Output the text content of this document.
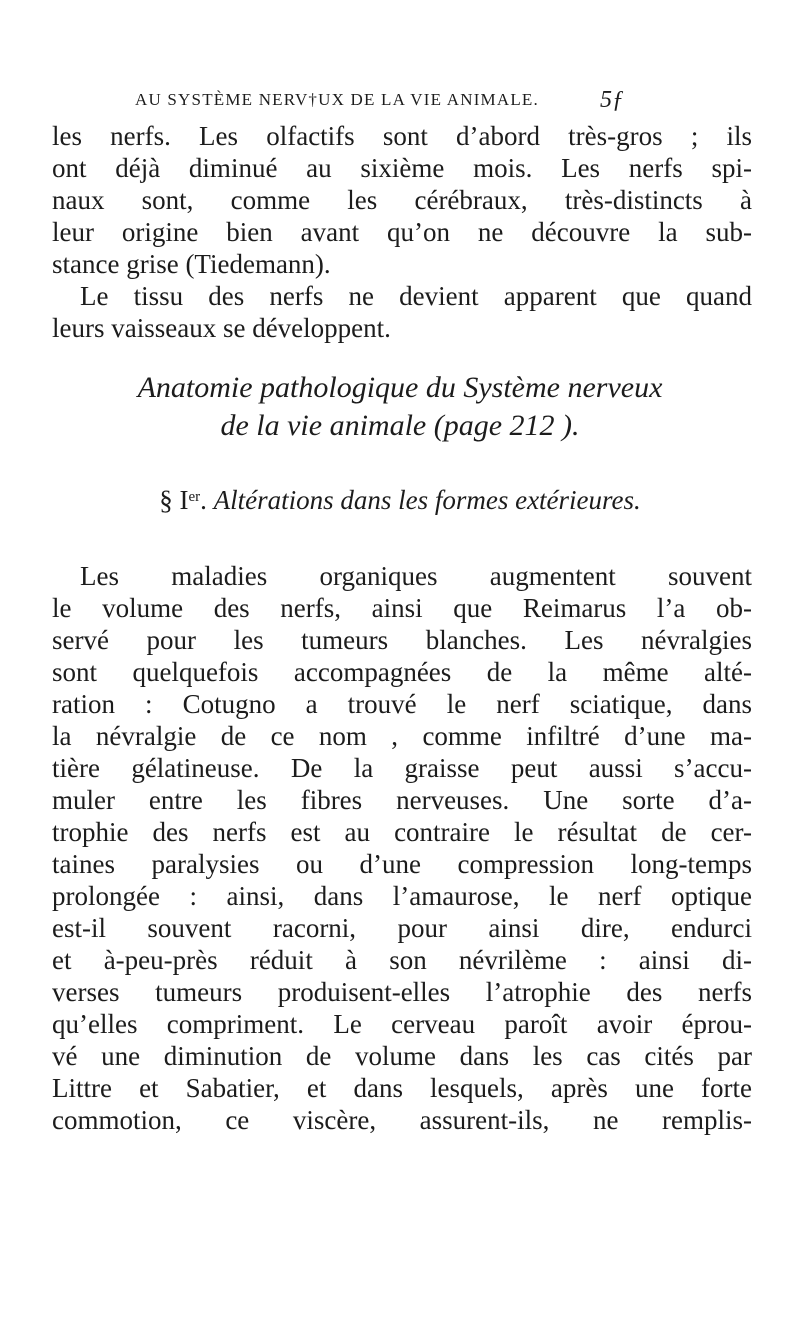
AU SYSTÈME NERV†UX DE LA VIE ANIMALE.	5ƒ
les nerfs. Les olfactifs sont d’abord très-gros ; ils
ont déjà diminué au sixième mois. Les nerfs spi-
naux sont, comme les cérébraux, très-distincts à
leur origine bien avant qu’on ne découvre la sub-
stance grise (Tiedemann).
Le tissu des nerfs ne devient apparent que quand
leurs vaisseaux se développent.
Anatomie pathologique du Système nerveux
de la vie animale (page 212 ).
§ Ier. Altérations dans les formes extérieures.
Les maladies organiques augmentent souvent
le volume des nerfs, ainsi que Reimarus l’a ob-
servé pour les tumeurs blanches. Les névralgies
sont quelquefois accompagnées de la même alté-
ration : Cotugno a trouvé le nerf sciatique, dans
la névralgie de ce nom , comme infiltré d’une ma-
tière gélatineuse. De la graisse peut aussi s’accu-
muler entre les fibres nerveuses. Une sorte d’a-
trophie des nerfs est au contraire le résultat de cer-
taines paralysies ou d’une compression long-temps
prolongée : ainsi, dans l’amaurose, le nerf optique
est-il souvent racorni, pour ainsi dire, endurci
et à-peu-près réduit à son névrilème : ainsi di-
verses tumeurs produisent-elles l’atrophie des nerfs
qu’elles compriment. Le cerveau paroît avoir éprou-
vé une diminution de volume dans les cas cités par
Littre et Sabatier, et dans lesquels, après une forte
commotion, ce viscère, assurent-ils, ne remplis-
